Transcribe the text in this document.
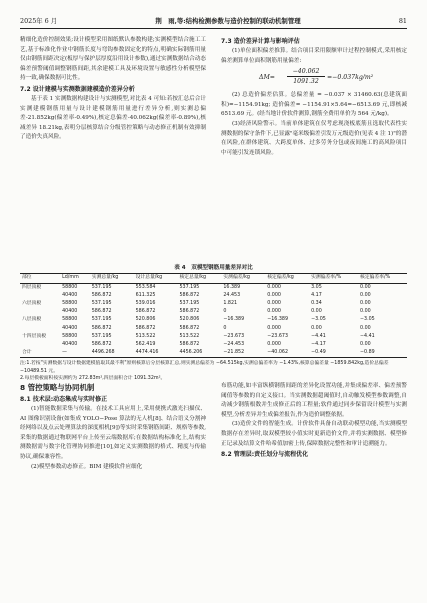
2025年 6 月	荆　雨,等:结构检测参数与造价控制的联动机制管理	81

精细化造价控制效果;设计模型采用图纸默认参数构建;实测模型结合施工工艺,基于标准化作业中钢筋长度与弯钩参数固定化的特点,明确实际钢筋用量仅由钢筋间距决定(板厚与保护层厚度沿用设计参数),通过实测数据结合动态偏差预警阈值调整钢筋间距,其余建模工具及环境设置与敏感性分析模型保持一致,确保数据可比性。

7.2 设计建模与实测数据建模造价差异分析

基于表 1 实测数据构建设计与实测模型,对比表 4 可知:若按汇总后合计实测建模钢筋用量与设计建模钢筋用量进行差异分析,则实测总偏差-21.852kg(偏差率-0.49%),核定总偏差-40.062kg(偏差率-0.89%),核减差异 18.21kg,表明分层核算结合分级管控策略与动态修正机制有效抑制了造价失真风险。

7.3 造价差异计算与影响评估

(1)单位面积偏差推算。结合项目采用限额审计过程控制模式,采用核定偏差测算单位面积钢筋用量偏差:

$\Delta M= \frac{-40.062}{1091.32} =-0.037kg/m^2$

(2) 总造价偏差估算。总偏差量 = −0.037 × 31460.63(总建筑面积)=−1154.91kg; 造价偏差= −1154.91×5.64=−6513.69 元,即核减 6513.69 元。(经当地计价软件测算,钢筋全费用单价为 564 元/kg)。

(3)经济风险警示。当前单体建筑在仅考虑现浇板底筋且选取代表性实测数据的保守条件下,已显露"毫米级偏差引发万元级造价(见表 4 注 1)"的潜在风险,在群体建筑、大跨度单体、过多劳务分包或夜间施工的高风险项目中可能引发连锁风险。

表 4　双模型钢筋用量差异对比
部位	Ld/mm	实测总量/kg	设计总量/kg	核定总量/kg	实测偏差/kg	核定偏差/kg	实测偏差率/%	核定偏差率/%
四层顶板	58800	537.195	553.584	537.195	16.389	0.000	3.05	0.00
	40400	586.872	611.325	586.872	24.453	0.000	4.17	0.00
六层顶板	58800	537.195	539.016	537.195	1.821	0.000	0.34	0.00
	40400	586.872	586.872	586.872	0	0.000	0.00	0.00
八层顶板	58800	537.195	520.806	520.806	−16.389	−16.389	−3.05	−3.05
	40400	586.872	586.872	586.872	0	0.000	0.00	0.00
十四层顶板	58800	537.195	513.522	513.522	−23.673	−23.673	−4.41	−4.41
	40400	586.872	562.419	586.872	−24.453	0.000	−4.17	0.00
合计	—	4496.268	4474.416	4456.206	−21.852	−40.062	−0.49	−0.89
注:1.若按"实测数据与设计数据建模值取其最不利"原则核算后分层核算汇总,则实测总偏差为 −64.515kg,实测总偏差率为 −1.43%,核算总偏差量 −1859.842kg,造价总偏差 −10489.51 元。
2.每层模板面积按实测约为 272.83m²,四层面积合计 1091.32m²。
8 管控策略与协同机制
8.1 技术层:动态集成与实时修正

(1)智能数据采集与传输。在技术工具应用上,采用便携式激光扫描仪、AI 图像识别设备(如集成 YOLO−Pose 算法的无人机[8]、结合语义分割神经网络以及点云处理算法的深度相机[9])等实时采集钢筋间距、规格等参数,采集的数据通过物联网平台上传至云端数据库;在数据结构标准化上,结构实测数据需与数字化管理协同推进[10],如定义实测数据的格式、精度与传输协议,确保兼容性。

(2)模型参数动态修正。BIM 建模软件应细化

布筋功能,如丰富纵横钢筋间距的差异化设置功能,并集成偏差率、偏差预警阈值等参数的自定义接口。当实测数据超阈值时,自动触发模型参数调整,自动减少钢筋根数并生成修正后的工程量;软件通过同步保留设计模型与实测模型,分析差异并生成偏差报告,作为造价调整依据。

(3)造价文件的智能生成。计价软件具备自动联动模型功能,当实测模型数据存在差异时,取双模型较小值实时更新造价文件,并将实测数据、模型修正记录及结算文件哈希值加密上传,保障数据完整性和审计追溯能力。

8.2 管理层:责任划分与流程优化
